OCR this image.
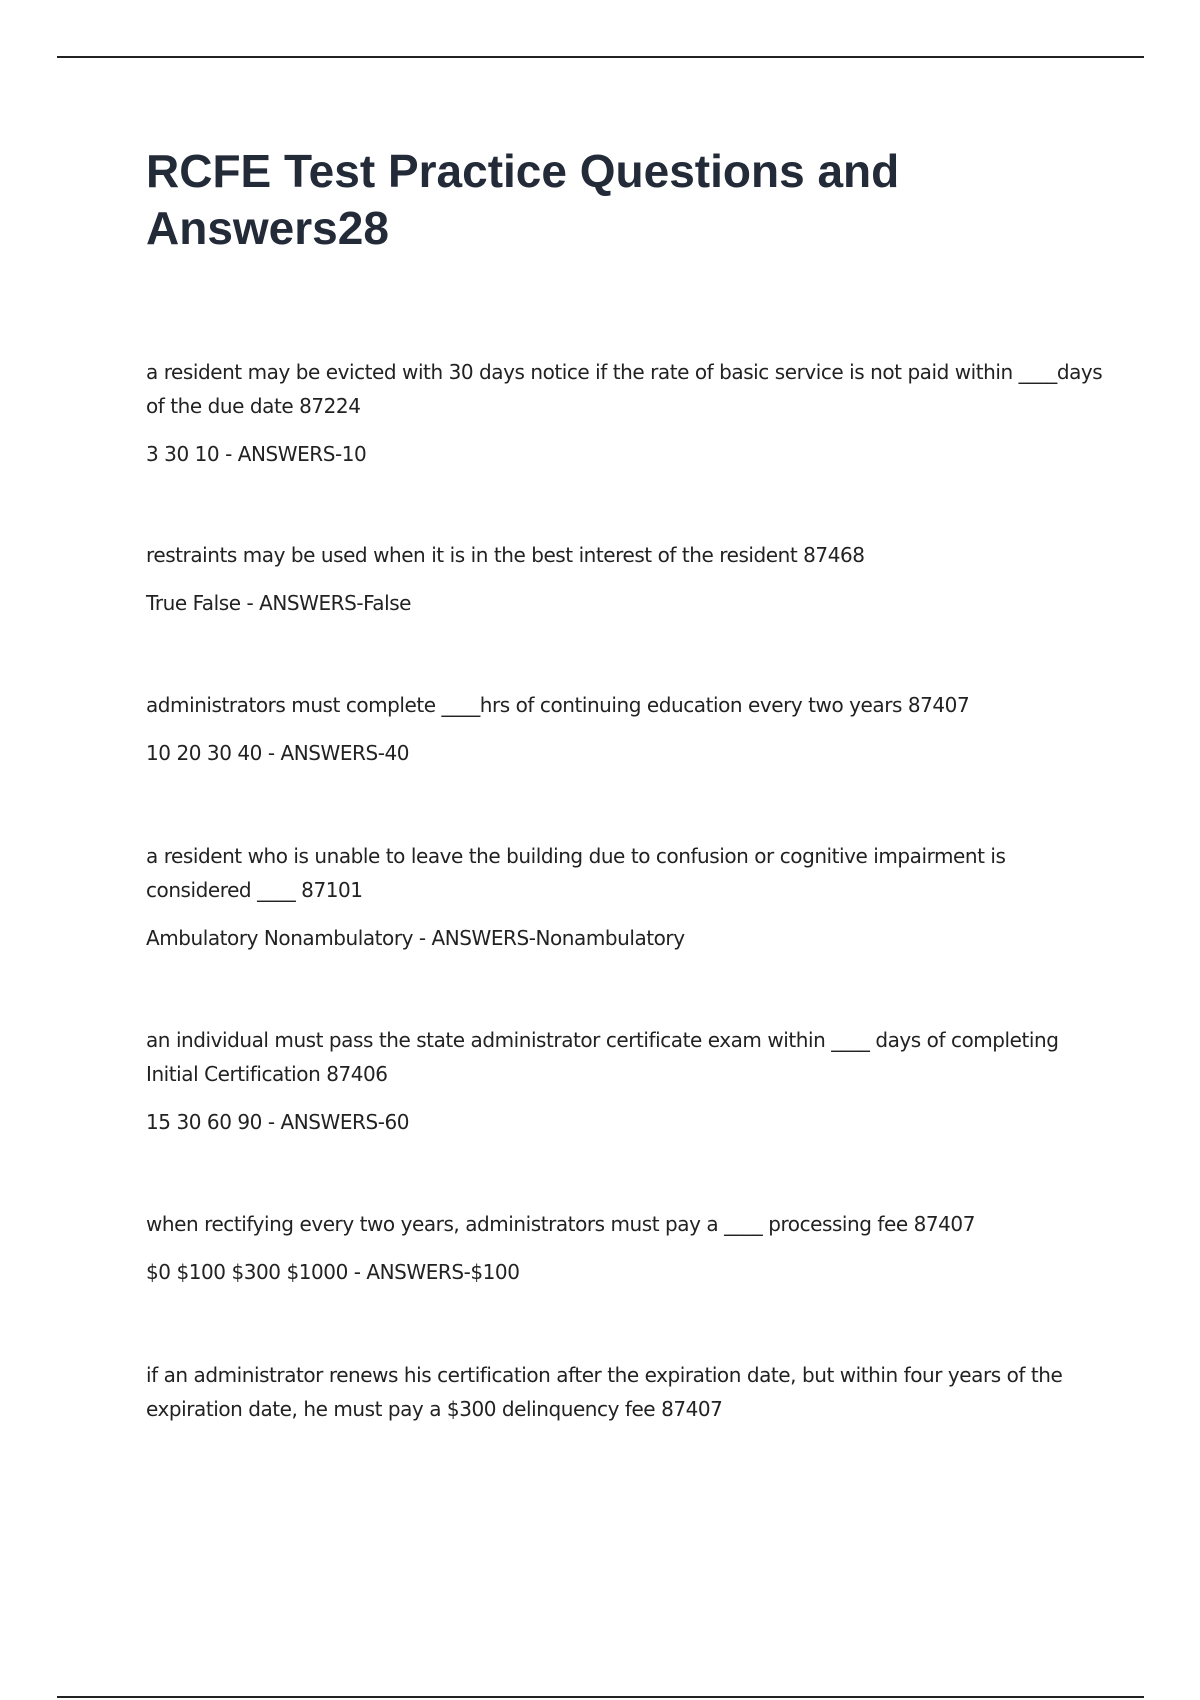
RCFE Test Practice Questions and Answers28

a resident may be evicted with 30 days notice if the rate of basic service is not paid within ____days of the due date 87224

3 30 10 - ANSWERS-10

restraints may be used when it is in the best interest of the resident 87468

True False - ANSWERS-False

administrators must complete ____hrs of continuing education every two years 87407

10 20 30 40 - ANSWERS-40

a resident who is unable to leave the building due to confusion or cognitive impairment is considered ____ 87101

Ambulatory Nonambulatory - ANSWERS-Nonambulatory

an individual must pass the state administrator certificate exam within ____ days of completing Initial Certification 87406

15 30 60 90 - ANSWERS-60

when rectifying every two years, administrators must pay a ____ processing fee 87407

$0 $100 $300 $1000 - ANSWERS-$100

if an administrator renews his certification after the expiration date, but within four years of the expiration date, he must pay a $300 delinquency fee 87407
